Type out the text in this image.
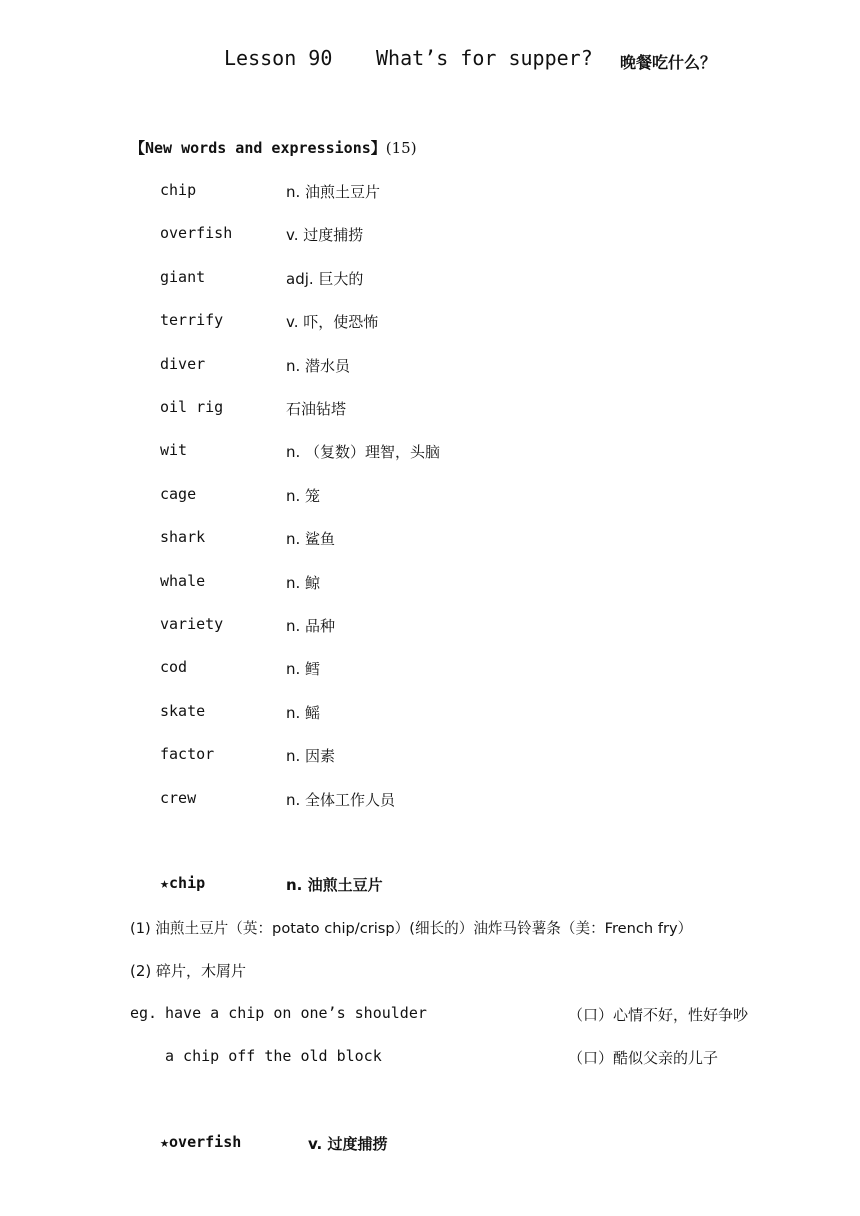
Lesson 90 What’s for supper? 晚餐吃什么？
【New words and expressions】(15)
chip	n. 油煎土豆片
overfish	v. 过度捕捞
giant	adj. 巨大的
terrify	v. 吓，使恐怖
diver	n. 潜水员
oil rig	石油钻塔
wit	n. （复数）理智，头脑
cage	n. 笼
shark	n. 鲨鱼
whale	n. 鲸
variety	n. 品种
cod	n. 鳕
skate	n. 鳐
factor	n. 因素
crew	n. 全体工作人员
★chip	n. 油煎土豆片
(1) 油煎土豆片（英：potato chip/crisp）(细长的）油炸马铃薯条（美：French fry）
(2) 碎片，木屑片
eg. have a chip on one’s shoulder	（口）心情不好，性好争吵
a chip off the old block	（口）酷似父亲的儿子
★overfish	v. 过度捕捞
